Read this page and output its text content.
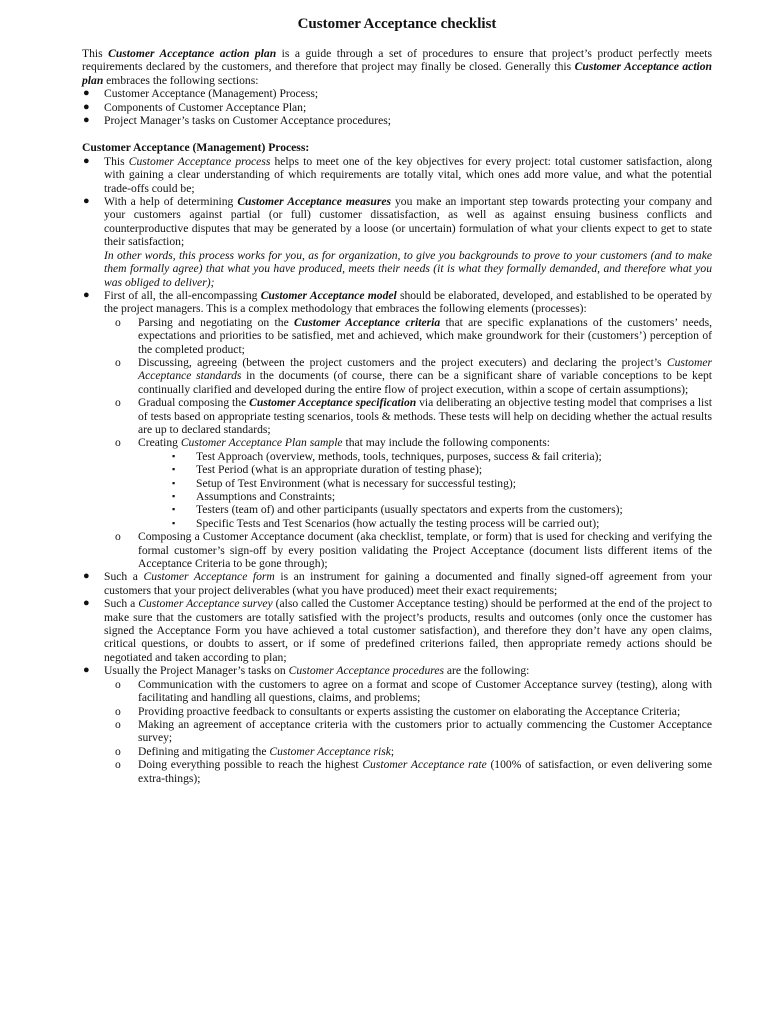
Customer Acceptance checklist

This Customer Acceptance action plan is a guide through a set of procedures to ensure that project’s product perfectly meets requirements declared by the customers, and therefore that project may finally be closed. Generally this Customer Acceptance action plan embraces the following sections:

● Customer Acceptance (Management) Process;
● Components of Customer Acceptance Plan;
● Project Manager’s tasks on Customer Acceptance procedures;

Customer Acceptance (Management) Process:

● This Customer Acceptance process helps to meet one of the key objectives for every project: total customer satisfaction, along with gaining a clear understanding of which requirements are totally vital, which ones add more value, and what the potential trade-offs could be;
● With a help of determining Customer Acceptance measures you make an important step towards protecting your company and your customers against partial (or full) customer dissatisfaction, as well as against ensuing business conflicts and counterproductive disputes that may be generated by a loose (or uncertain) formulation of what your clients expect to get to state their satisfaction;
In other words, this process works for you, as for organization, to give you backgrounds to prove to your customers (and to make them formally agree) that what you have produced, meets their needs (it is what they formally demanded, and therefore what you was obliged to deliver);
● First of all, the all-encompassing Customer Acceptance model should be elaborated, developed, and established to be operated by the project managers. This is a complex methodology that embraces the following elements (processes):
o Parsing and negotiating on the Customer Acceptance criteria that are specific explanations of the customers’ needs, expectations and priorities to be satisfied, met and achieved, which make groundwork for their (customers’) perception of the completed product;
o Discussing, agreeing (between the project customers and the project executers) and declaring the project’s Customer Acceptance standards in the documents (of course, there can be a significant share of variable conceptions to be kept continually clarified and developed during the entire flow of project execution, within a scope of certain assumptions);
o Gradual composing the Customer Acceptance specification via deliberating an objective testing model that comprises a list of tests based on appropriate testing scenarios, tools & methods. These tests will help on deciding whether the actual results are up to declared standards;
o Creating Customer Acceptance Plan sample that may include the following components:
▪ Test Approach (overview, methods, tools, techniques, purposes, success & fail criteria);
▪ Test Period (what is an appropriate duration of testing phase);
▪ Setup of Test Environment (what is necessary for successful testing);
▪ Assumptions and Constraints;
▪ Testers (team of) and other participants (usually spectators and experts from the customers);
▪ Specific Tests and Test Scenarios (how actually the testing process will be carried out);
o Composing a Customer Acceptance document (aka checklist, template, or form) that is used for checking and verifying the formal customer’s sign-off by every position validating the Project Acceptance (document lists different items of the Acceptance Criteria to be gone through);
● Such a Customer Acceptance form is an instrument for gaining a documented and finally signed-off agreement from your customers that your project deliverables (what you have produced) meet their exact requirements;
● Such a Customer Acceptance survey (also called the Customer Acceptance testing) should be performed at the end of the project to make sure that the customers are totally satisfied with the project’s products, results and outcomes (only once the customer has signed the Acceptance Form you have achieved a total customer satisfaction), and therefore they don’t have any open claims, critical questions, or doubts to assert, or if some of predefined criterions failed, then appropriate remedy actions should be negotiated and taken according to plan;
● Usually the Project Manager’s tasks on Customer Acceptance procedures are the following:
o Communication with the customers to agree on a format and scope of Customer Acceptance survey (testing), along with facilitating and handling all questions, claims, and problems;
o Providing proactive feedback to consultants or experts assisting the customer on elaborating the Acceptance Criteria;
o Making an agreement of acceptance criteria with the customers prior to actually commencing the Customer Acceptance survey;
o Defining and mitigating the Customer Acceptance risk;
o Doing everything possible to reach the highest Customer Acceptance rate (100% of satisfaction, or even delivering some extra-things);
